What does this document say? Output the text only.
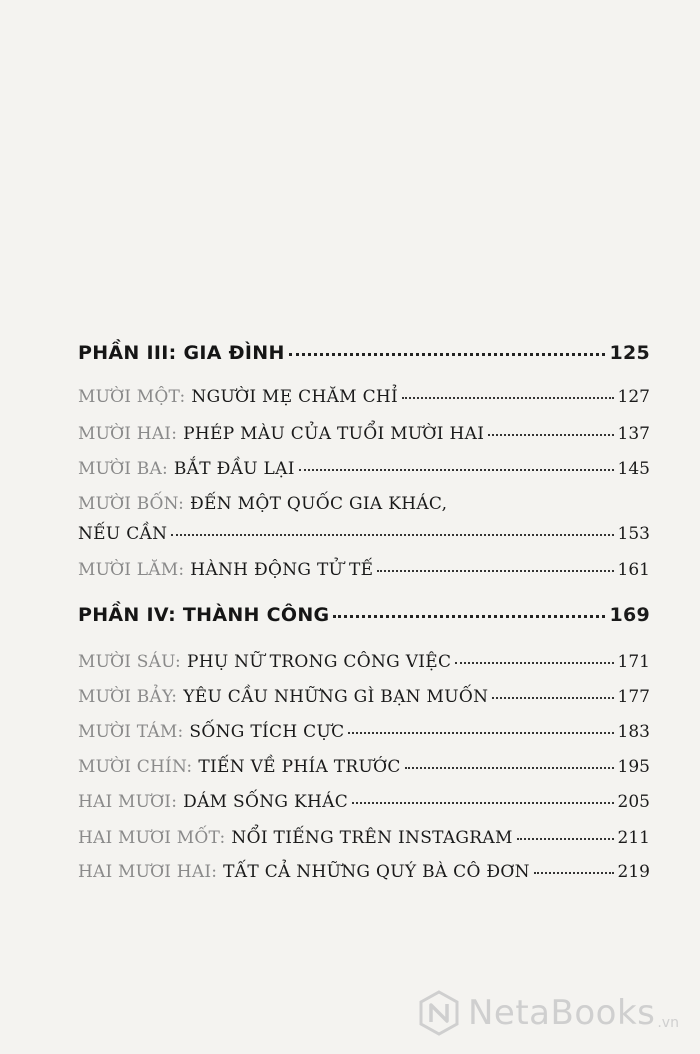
PHẦN III: GIA ĐÌNH	125
MƯỜI MỘT: NGƯỜI MẸ CHĂM CHỈ	127
MƯỜI HAI: PHÉP MÀU CỦA TUỔI MƯỜI HAI	137
MƯỜI BA: BẮT ĐẦU LẠI	145
MƯỜI BỐN: ĐẾN MỘT QUỐC GIA KHÁC,
NẾU CẦN	153
MƯỜI LĂM: HÀNH ĐỘNG TỬ TẾ	161
PHẦN IV: THÀNH CÔNG	169
MƯỜI SÁU: PHỤ NỮ TRONG CÔNG VIỆC	171
MƯỜI BẢY: YÊU CẦU NHỮNG GÌ BẠN MUỐN	177
MƯỜI TÁM: SỐNG TÍCH CỰC	183
MƯỜI CHÍN: TIẾN VỀ PHÍA TRƯỚC	195
HAI MƯƠI: DÁM SỐNG KHÁC	205
HAI MƯƠI MỐT: NỔI TIẾNG TRÊN INSTAGRAM	211
HAI MƯƠI HAI: TẤT CẢ NHỮNG QUÝ BÀ CÔ ĐƠN	219
NetaBooks .vn
